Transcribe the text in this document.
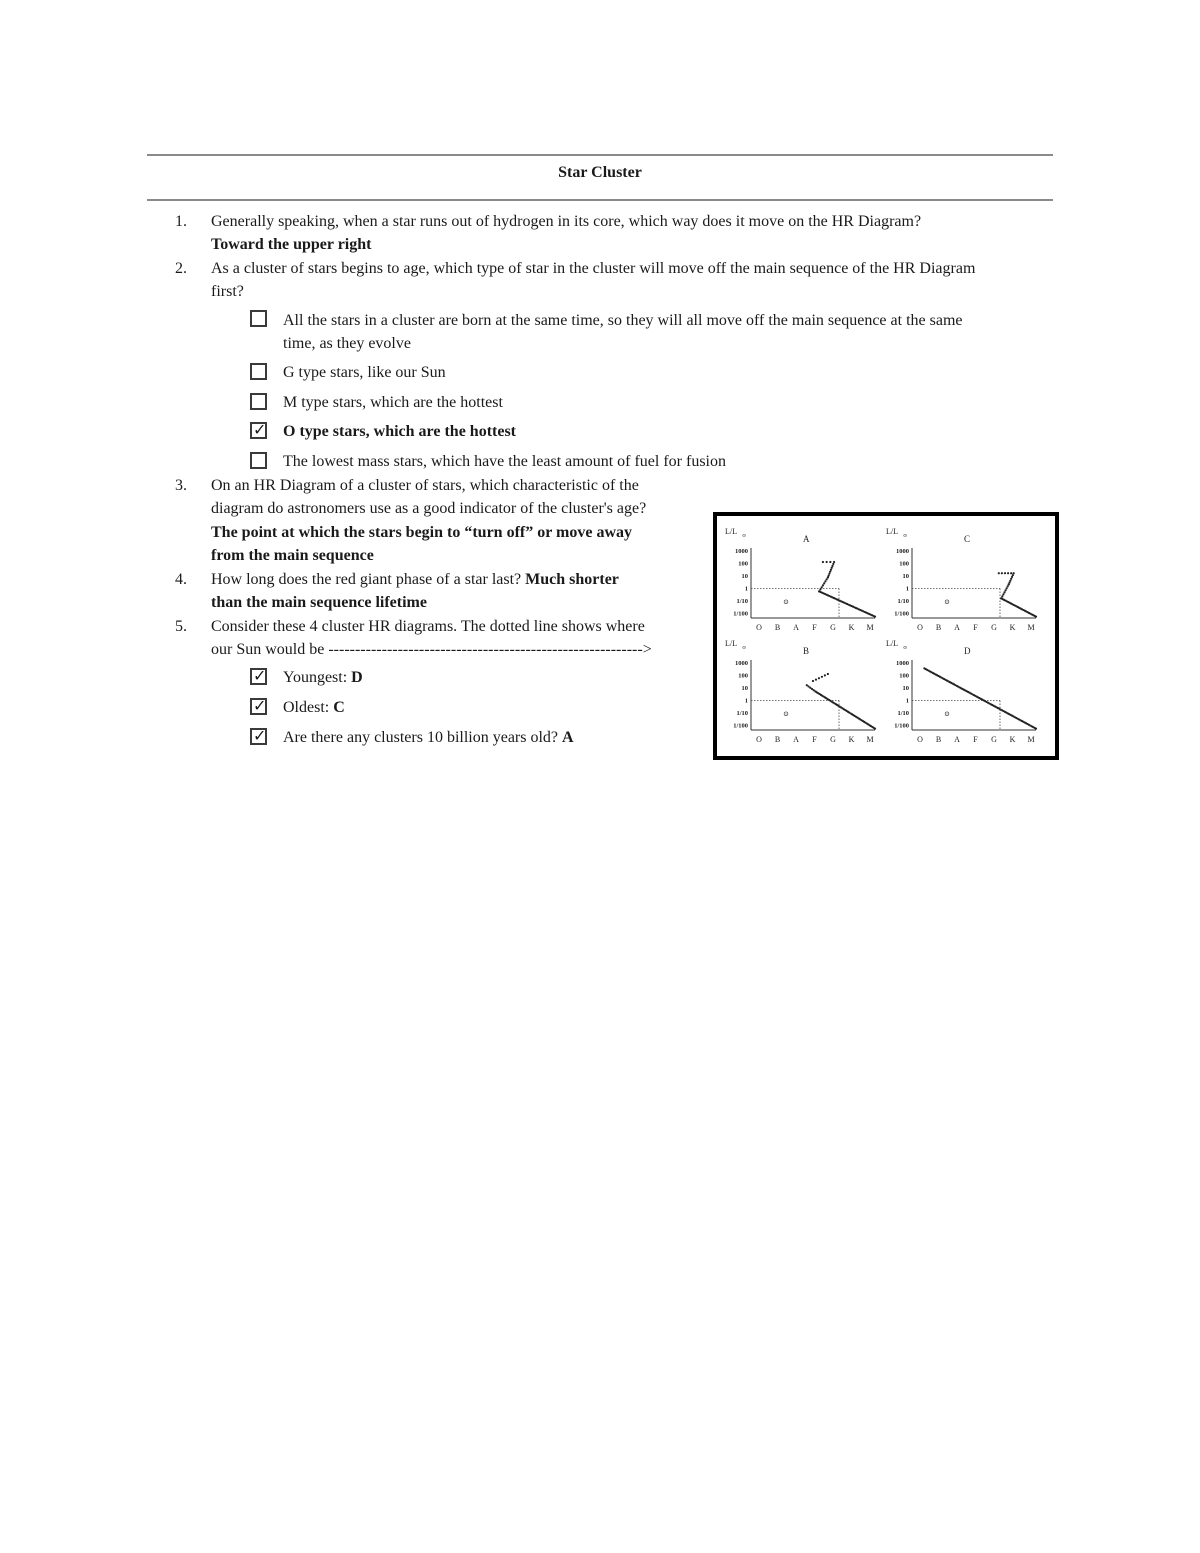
Star Cluster
1. Generally speaking, when a star runs out of hydrogen in its core, which way does it move on the HR Diagram?
Toward the upper right
2. As a cluster of stars begins to age, which type of star in the cluster will move off the main sequence of the HR Diagram
first?
All the stars in a cluster are born at the same time, so they will all move off the main sequence at the same
time, as they evolve
G type stars, like our Sun
M type stars, which are the hottest
✓ O type stars, which are the hottest
The lowest mass stars, which have the least amount of fuel for fusion
3. On an HR Diagram of a cluster of stars, which characteristic of the
diagram do astronomers use as a good indicator of the cluster's age?
The point at which the stars begin to “turn off” or move away
from the main sequence
4. How long does the red giant phase of a star last? Much shorter
than the main sequence lifetime
5. Consider these 4 cluster HR diagrams. The dotted line shows where
our Sun would be ----------------------------------------------------------->
✓ Youngest: D
✓ Oldest: C
✓ Are there any clusters 10 billion years old? A
L/L
⊙	A
1000
100
10
1
1/10
1/100
O B A F G K M
⊙
L/L
⊙	C
1000
100
10
1
1/10
1/100
O B A F G K M
⊙
L/L
⊙	B
1000
100
10
1
1/10
1/100
O B A F G K M
⊙
L/L
⊙	D
1000
100
10
1
1/10
1/100
O B A F G K M
⊙
